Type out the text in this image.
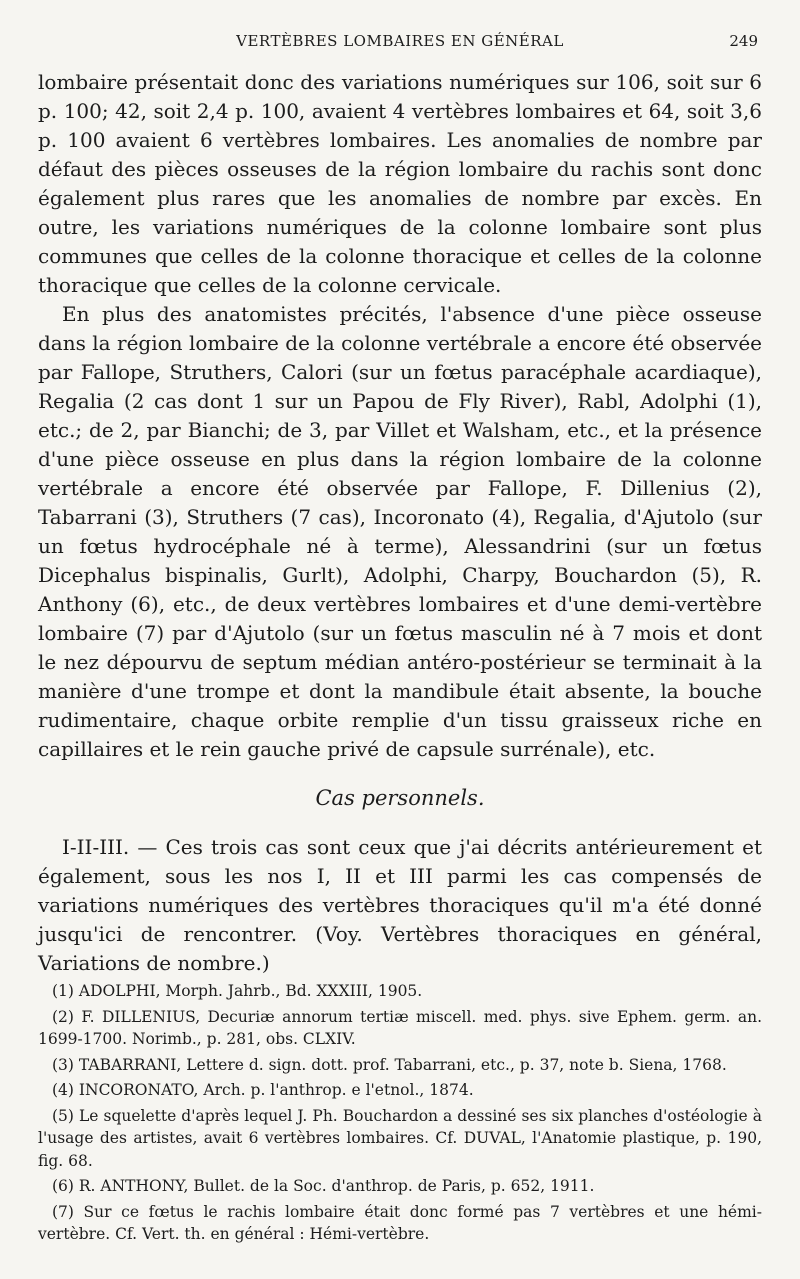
VERTÈBRES LOMBAIRES EN GÉNÉRAL	249

lombaire présentait donc des variations numériques sur 106, soit sur 6 p. 100; 42, soit 2,4 p. 100, avaient 4 vertèbres lombaires et 64, soit 3,6 p. 100 avaient 6 vertèbres lombaires. Les anomalies de nombre par défaut des pièces osseuses de la région lombaire du rachis sont donc également plus rares que les anomalies de nombre par excès. En outre, les variations numériques de la colonne lombaire sont plus communes que celles de la colonne thoracique et celles de la colonne thoracique que celles de la colonne cervicale.

En plus des anatomistes précités, l'absence d'une pièce osseuse dans la région lombaire de la colonne vertébrale a encore été observée par Fallope, Struthers, Calori (sur un fœtus paracéphale acardiaque), Regalia (2 cas dont 1 sur un Papou de Fly River), Rabl, Adolphi (1), etc.; de 2, par Bianchi; de 3, par Villet et Walsham, etc., et la présence d'une pièce osseuse en plus dans la région lombaire de la colonne vertébrale a encore été observée par Fallope, F. Dillenius (2), Tabarrani (3), Struthers (7 cas), Incoronato (4), Regalia, d'Ajutolo (sur un fœtus hydrocéphale né à terme), Alessandrini (sur un fœtus Dicephalus bispinalis, Gurlt), Adolphi, Charpy, Bouchardon (5), R. Anthony (6), etc., de deux vertèbres lombaires et d'une demi-vertèbre lombaire (7) par d'Ajutolo (sur un fœtus masculin né à 7 mois et dont le nez dépourvu de septum médian antéro-postérieur se terminait à la manière d'une trompe et dont la mandibule était absente, la bouche rudimentaire, chaque orbite remplie d'un tissu graisseux riche en capillaires et le rein gauche privé de capsule surrénale), etc.

Cas personnels.

I-II-III. — Ces trois cas sont ceux que j'ai décrits antérieurement et également, sous les nos I, II et III parmi les cas compensés de variations numériques des vertèbres thoraciques qu'il m'a été donné jusqu'ici de rencontrer. (Voy. Vertèbres thoraciques en général, Variations de nombre.)

(1) ADOLPHI, Morph. Jahrb., Bd. XXXIII, 1905.

(2) F. DILLENIUS, Decuriæ annorum tertiæ miscell. med. phys. sive Ephem. germ. an. 1699-1700. Norimb., p. 281, obs. CLXIV.

(3) TABARRANI, Lettere d. sign. dott. prof. Tabarrani, etc., p. 37, note b. Siena, 1768.

(4) INCORONATO, Arch. p. l'anthrop. e l'etnol., 1874.

(5) Le squelette d'après lequel J. Ph. Bouchardon a dessiné ses six planches d'ostéologie à l'usage des artistes, avait 6 vertèbres lombaires. Cf. DUVAL, l'Anatomie plastique, p. 190, fig. 68.

(6) R. ANTHONY, Bullet. de la Soc. d'anthrop. de Paris, p. 652, 1911.

(7) Sur ce fœtus le rachis lombaire était donc formé pas 7 vertèbres et une hémi-vertèbre. Cf. Vert. th. en général : Hémi-vertèbre.
